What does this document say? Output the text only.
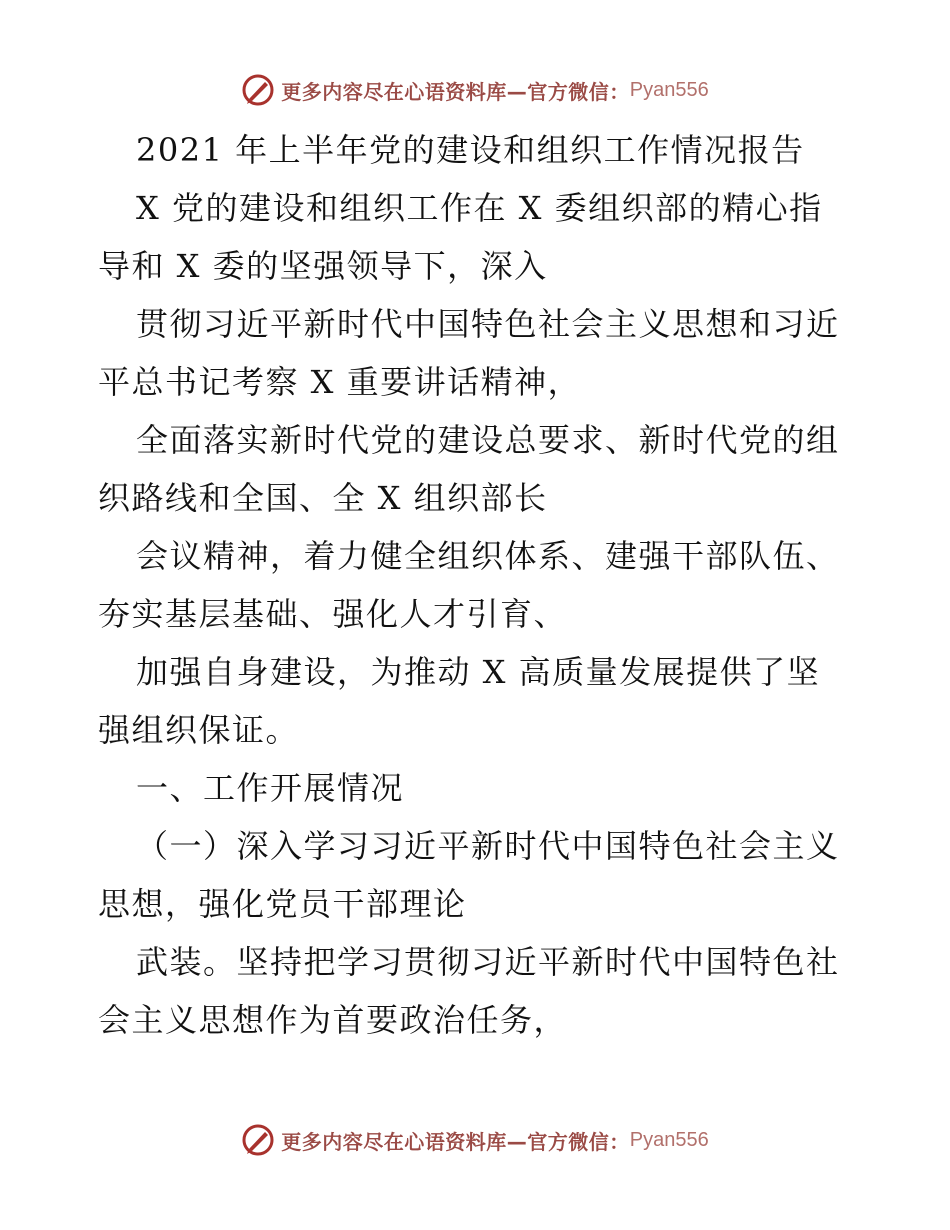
更多内容尽在心语资料库—官方微信： Pyan556

2021 年上半年党的建设和组织工作情况报告

X 党的建设和组织工作在 X 委组织部的精心指

导和 X 委的坚强领导下，深入

贯彻习近平新时代中国特色社会主义思想和习近

平总书记考察 X 重要讲话精神，

全面落实新时代党的建设总要求、新时代党的组

织路线和全国、全 X 组织部长

会议精神，着力健全组织体系、建强干部队伍、

夯实基层基础、强化人才引育、

加强自身建设，为推动 X 高质量发展提供了坚

强组织保证。

一、工作开展情况

（一）深入学习习近平新时代中国特色社会主义

思想，强化党员干部理论

武装。坚持把学习贯彻习近平新时代中国特色社

会主义思想作为首要政治任务，

更多内容尽在心语资料库—官方微信： Pyan556
